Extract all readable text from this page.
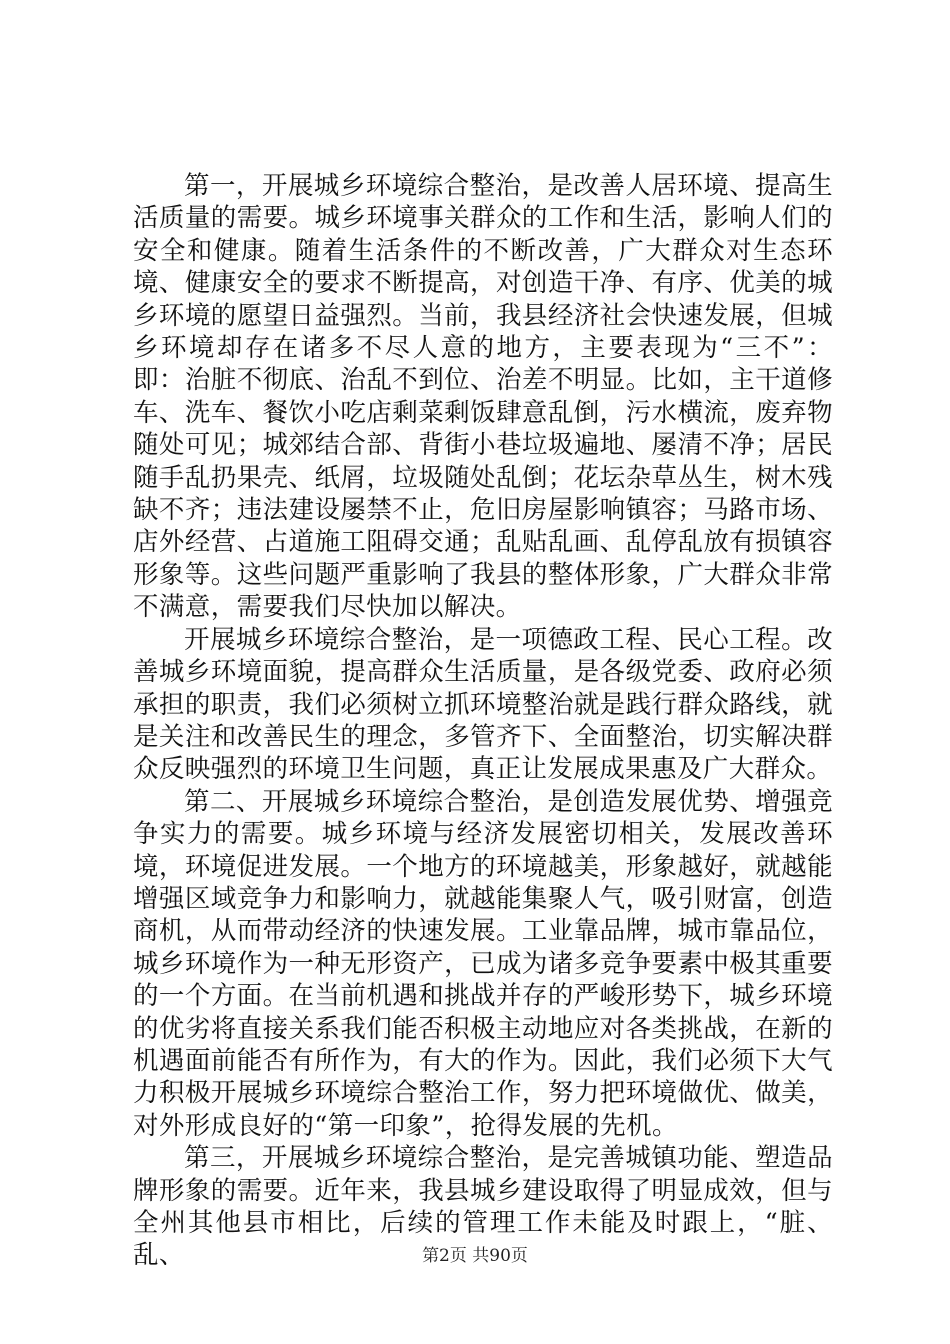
第一，开展城乡环境综合整治，是改善人居环境、提高生活质量的需要。城乡环境事关群众的工作和生活，影响人们的安全和健康。随着生活条件的不断改善，广大群众对生态环境、健康安全的要求不断提高，对创造干净、有序、优美的城乡环境的愿望日益强烈。当前，我县经济社会快速发展，但城乡环境却存在诸多不尽人意的地方，主要表现为“三不”：即：治脏不彻底、治乱不到位、治差不明显。比如，主干道修车、洗车、餐饮小吃店剩菜剩饭肆意乱倒，污水横流，废弃物随处可见；城郊结合部、背街小巷垃圾遍地、屡清不净；居民随手乱扔果壳、纸屑，垃圾随处乱倒；花坛杂草丛生，树木残缺不齐；违法建设屡禁不止，危旧房屋影响镇容；马路市场、店外经营、占道施工阻碍交通；乱贴乱画、乱停乱放有损镇容形象等。这些问题严重影响了我县的整体形象，广大群众非常不满意，需要我们尽快加以解决。

开展城乡环境综合整治，是一项德政工程、民心工程。改善城乡环境面貌，提高群众生活质量，是各级党委、政府必须承担的职责，我们必须树立抓环境整治就是践行群众路线，就是关注和改善民生的理念，多管齐下、全面整治，切实解决群众反映强烈的环境卫生问题，真正让发展成果惠及广大群众。

第二、开展城乡环境综合整治，是创造发展优势、增强竞争实力的需要。城乡环境与经济发展密切相关，发展改善环境，环境促进发展。一个地方的环境越美，形象越好，就越能增强区域竞争力和影响力，就越能集聚人气，吸引财富，创造商机，从而带动经济的快速发展。工业靠品牌，城市靠品位，城乡环境作为一种无形资产，已成为诸多竞争要素中极其重要的一个方面。在当前机遇和挑战并存的严峻形势下，城乡环境的优劣将直接关系我们能否积极主动地应对各类挑战，在新的机遇面前能否有所作为，有大的作为。因此，我们必须下大气力积极开展城乡环境综合整治工作，努力把环境做优、做美，对外形成良好的“第一印象”，抢得发展的先机。

第三，开展城乡环境综合整治，是完善城镇功能、塑造品牌形象的需要。近年来，我县城乡建设取得了明显成效，但与全州其他县市相比，后续的管理工作未能及时跟上，“脏、乱、	第2页 共90页
